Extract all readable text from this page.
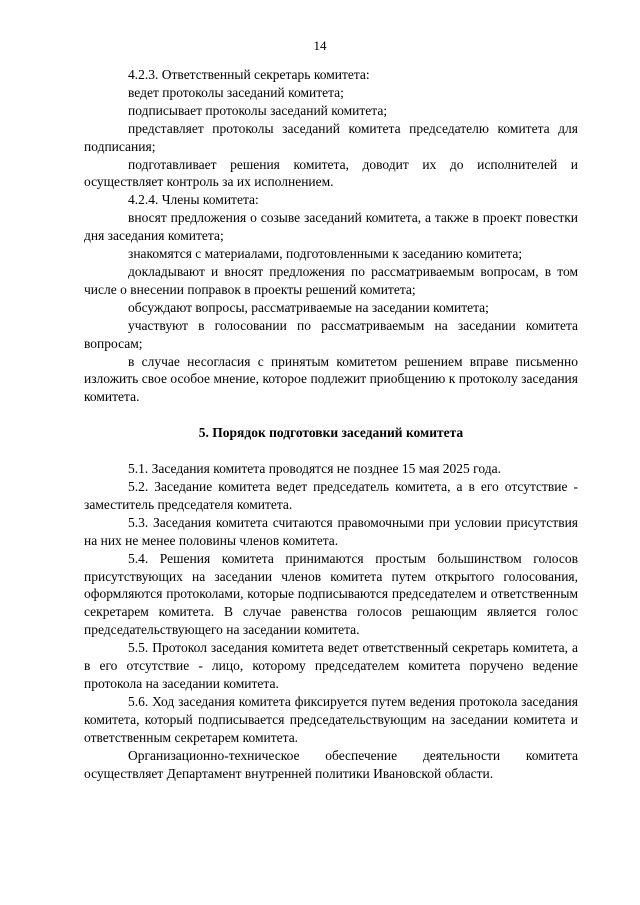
14

4.2.3. Ответственный секретарь комитета:

ведет протоколы заседаний комитета;

подписывает протоколы заседаний комитета;

представляет протоколы заседаний комитета председателю комитета для подписания;

подготавливает решения комитета, доводит их до исполнителей и осуществляет контроль за их исполнением.

4.2.4. Члены комитета:

вносят предложения о созыве заседаний комитета, а также в проект повестки дня заседания комитета;

знакомятся с материалами, подготовленными к заседанию комитета;

докладывают и вносят предложения по рассматриваемым вопросам, в том числе о внесении поправок в проекты решений комитета;

обсуждают вопросы, рассматриваемые на заседании комитета;

участвуют в голосовании по рассматриваемым на заседании комитета вопросам;

в случае несогласия с принятым комитетом решением вправе письменно изложить свое особое мнение, которое подлежит приобщению к протоколу заседания комитета.

5. Порядок подготовки заседаний комитета

5.1. Заседания комитета проводятся не позднее 15 мая 2025 года.

5.2. Заседание комитета ведет председатель комитета, а в его отсутствие - заместитель председателя комитета.

5.3. Заседания комитета считаются правомочными при условии присутствия на них не менее половины членов комитета.

5.4. Решения комитета принимаются простым большинством голосов присутствующих на заседании членов комитета путем открытого голосования, оформляются протоколами, которые подписываются председателем и ответственным секретарем комитета. В случае равенства голосов решающим является голос председательствующего на заседании комитета.

5.5. Протокол заседания комитета ведет ответственный секретарь комитета, а в его отсутствие - лицо, которому председателем комитета поручено ведение протокола на заседании комитета.

5.6. Ход заседания комитета фиксируется путем ведения протокола заседания комитета, который подписывается председательствующим на заседании комитета и ответственным секретарем комитета.

Организационно-техническое обеспечение деятельности комитета осуществляет Департамент внутренней политики Ивановской области.
